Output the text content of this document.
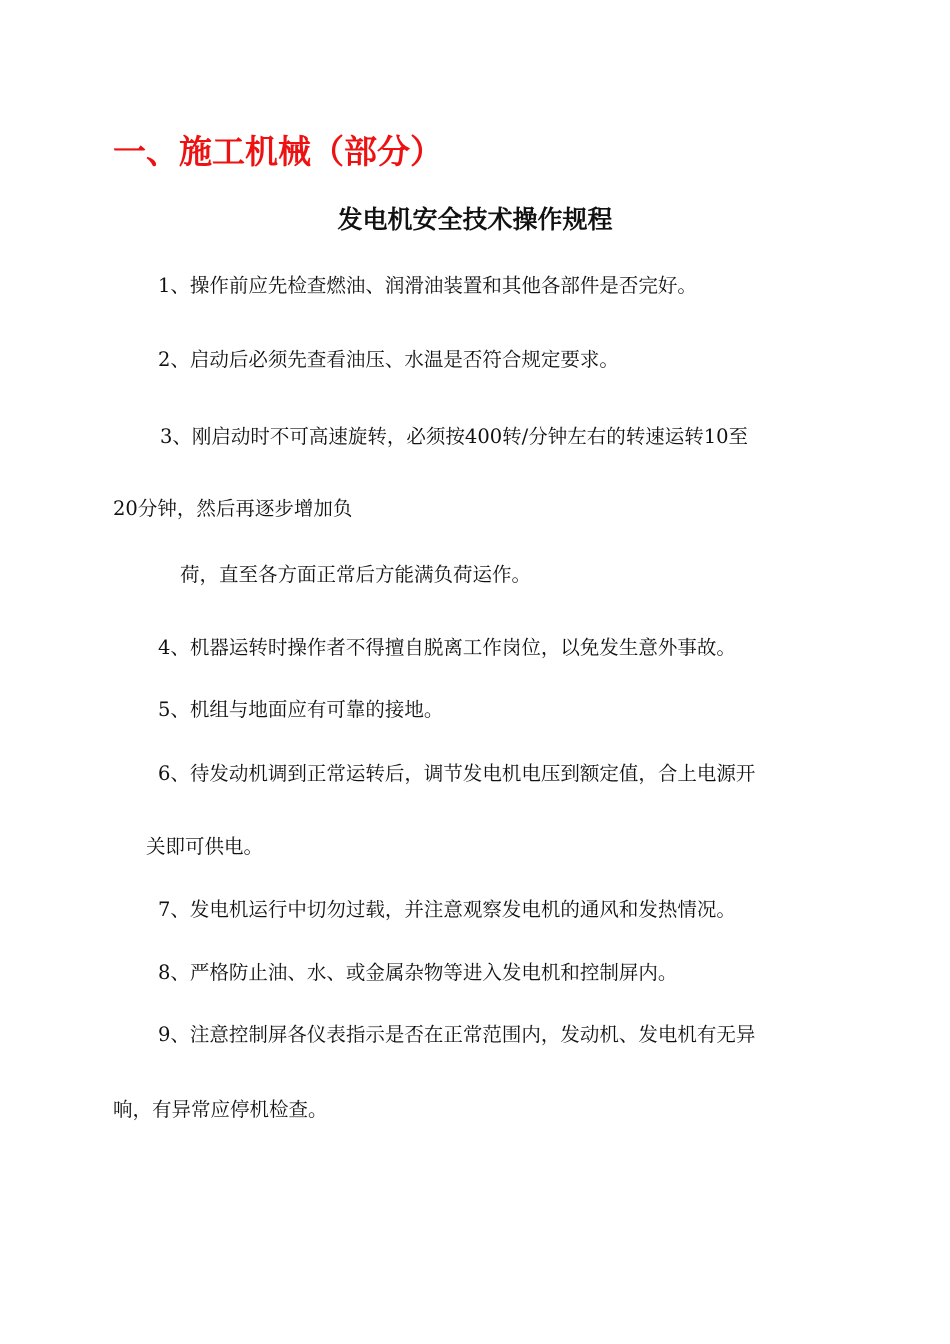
一、施工机械（部分）
发电机安全技术操作规程

1、操作前应先检查燃油、润滑油装置和其他各部件是否完好。

2、启动后必须先查看油压、水温是否符合规定要求。

3、刚启动时不可高速旋转，必须按400转/分钟左右的转速运转10至

20分钟，然后再逐步增加负

荷，直至各方面正常后方能满负荷运作。

4、机器运转时操作者不得擅自脱离工作岗位，以免发生意外事故。

5、机组与地面应有可靠的接地。

6、待发动机调到正常运转后，调节发电机电压到额定值，合上电源开

关即可供电。

7、发电机运行中切勿过载，并注意观察发电机的通风和发热情况。

8、严格防止油、水、或金属杂物等进入发电机和控制屏内。

9、注意控制屏各仪表指示是否在正常范围内，发动机、发电机有无异

响，有异常应停机检查。
